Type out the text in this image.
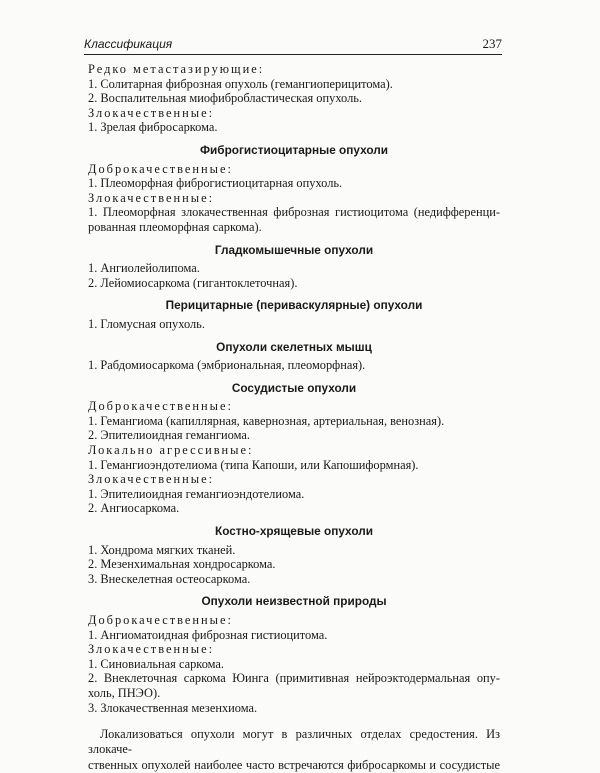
Классификация	237
Редко метастазирующие:
1. Солитарная фиброзная опухоль (гемангиоперицитома).
2. Воспалительная миофибробластическая опухоль.
Злокачественные:
1. Зрелая фибросаркома.
Фиброгистиоцитарные опухоли
Доброкачественные:
1. Плеоморфная фиброгистиоцитарная опухоль.
Злокачественные:
1. Плеоморфная злокачественная фиброзная гистиоцитома (недифференци-
рованная плеоморфная саркома).
Гладкомышечные опухоли
1. Ангиолейолипома.
2. Лейомиосаркома (гигантоклеточная).
Перицитарные (периваскулярные) опухоли
1. Гломусная опухоль.
Опухоли скелетных мышц
1. Рабдомиосаркома (эмбриональная, плеоморфная).
Сосудистые опухоли
Доброкачественные:
1. Гемангиома (капиллярная, кавернозная, артериальная, венозная).
2. Эпителиоидная гемангиома.
Локально агрессивные:
1. Гемангиоэндотелиома (типа Капоши, или Капошиформная).
Злокачественные:
1. Эпителиоидная гемангиоэндотелиома.
2. Ангиосаркома.
Костно-хрящевые опухоли
1. Хондрома мягких тканей.
2. Мезенхимальная хондросаркома.
3. Внескелетная остеосаркома.
Опухоли неизвестной природы
Доброкачественные:
1. Ангиоматоидная фиброзная гистиоцитома.
Злокачественные:
1. Синовиальная саркома.
2. Внеклеточная саркома Юинга (примитивная нейроэктодермальная опу-
холь, ПНЭО).
3. Злокачественная мезенхиома.
Локализоваться опухоли могут в различных отделах средостения. Из злокаче-
ственных опухолей наиболее часто встречаются фибросаркомы и сосудистые
